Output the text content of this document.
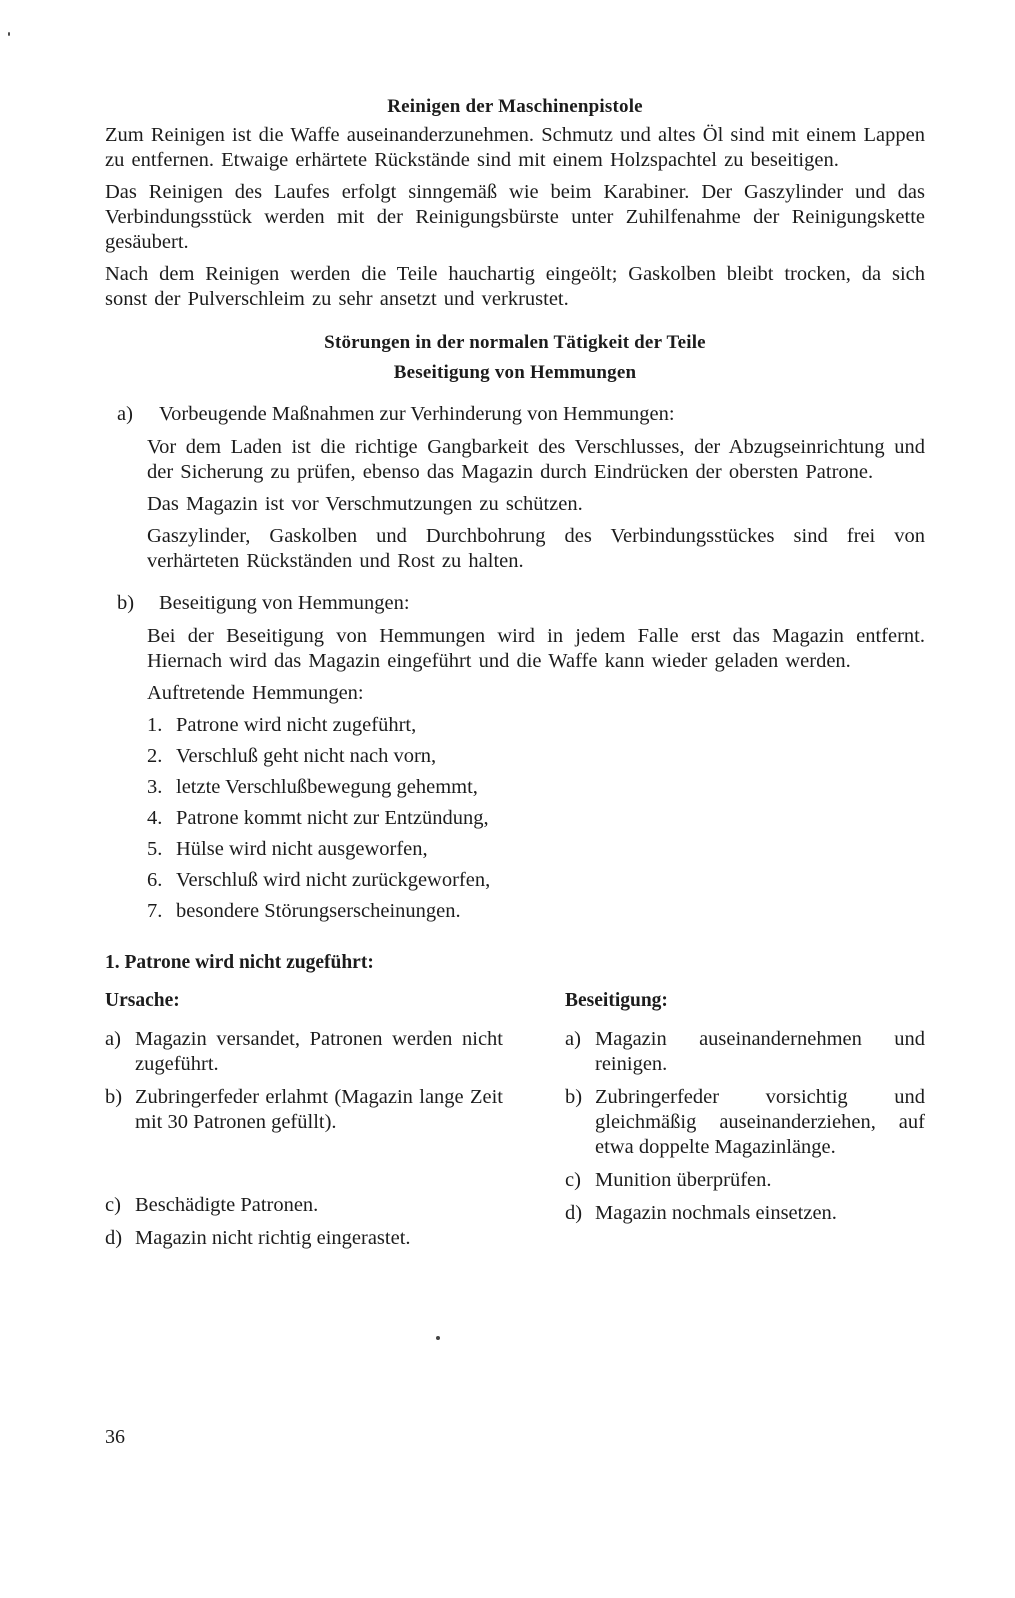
Reinigen der Maschinenpistole

Zum Reinigen ist die Waffe auseinanderzunehmen. Schmutz und altes Öl sind mit einem Lappen zu entfernen. Etwaige erhärtete Rückstände sind mit einem Holzspachtel zu beseitigen.

Das Reinigen des Laufes erfolgt sinngemäß wie beim Karabiner. Der Gaszylinder und das Verbindungsstück werden mit der Reinigungsbürste unter Zuhilfenahme der Reinigungskette gesäubert.

Nach dem Reinigen werden die Teile hauchartig eingeölt; Gaskolben bleibt trocken, da sich sonst der Pulverschleim zu sehr ansetzt und verkrustet.

Störungen in der normalen Tätigkeit der Teile
Beseitigung von Hemmungen
a)	Vorbeugende Maßnahmen zur Verhinderung von Hemmungen:

Vor dem Laden ist die richtige Gangbarkeit des Verschlusses, der Abzugseinrichtung und der Sicherung zu prüfen, ebenso das Magazin durch Eindrücken der obersten Patrone.

Das Magazin ist vor Verschmutzungen zu schützen.

Gaszylinder, Gaskolben und Durchbohrung des Verbindungsstückes sind frei von verhärteten Rückständen und Rost zu halten.

b)	Beseitigung von Hemmungen:

Bei der Beseitigung von Hemmungen wird in jedem Falle erst das Magazin entfernt. Hiernach wird das Magazin eingeführt und die Waffe kann wieder geladen werden.

Auftretende Hemmungen:

1. Patrone wird nicht zugeführt,
2. Verschluß geht nicht nach vorn,
3. letzte Verschlußbewegung gehemmt,
4. Patrone kommt nicht zur Entzündung,
5. Hülse wird nicht ausgeworfen,
6. Verschluß wird nicht zurückgeworfen,
7. besondere Störungserscheinungen.
1. Patrone wird nicht zugeführt:

Ursache:

a) Magazin versandet, Patronen werden nicht zugeführt.
b) Zubringerfeder erlahmt (Magazin lange Zeit mit 30 Patronen gefüllt).
c) Beschädigte Patronen.
d) Magazin nicht richtig eingerastet.

Beseitigung:

a) Magazin auseinandernehmen und reinigen.
b) Zubringerfeder vorsichtig und gleichmäßig auseinanderziehen, auf etwa doppelte Magazinlänge.
c) Munition überprüfen.
d) Magazin nochmals einsetzen.
36
